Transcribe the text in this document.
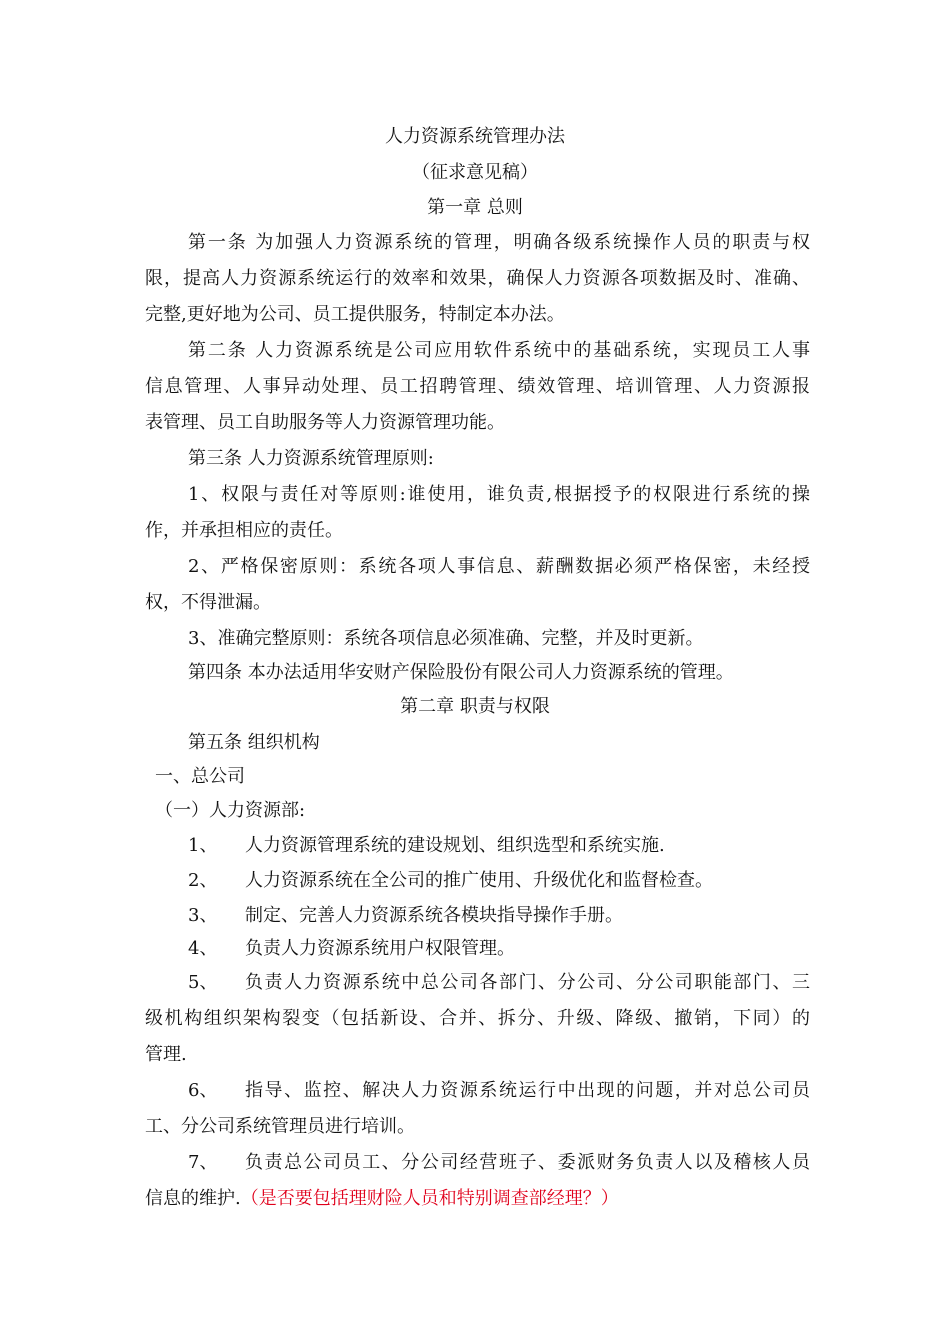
人力资源系统管理办法
（征求意见稿）
第一章 总则
第一条 为加强人力资源系统的管理，明确各级系统操作人员的职责与权
限，提高人力资源系统运行的效率和效果，确保人力资源各项数据及时、准确、
完整,更好地为公司、员工提供服务，特制定本办法。
第二条 人力资源系统是公司应用软件系统中的基础系统，实现员工人事
信息管理、人事异动处理、员工招聘管理、绩效管理、培训管理、人力资源报
表管理、员工自助服务等人力资源管理功能。
第三条 人力资源系统管理原则:
1、权限与责任对等原则:谁使用，谁负责,根据授予的权限进行系统的操
作，并承担相应的责任。
2、严格保密原则：系统各项人事信息、薪酬数据必须严格保密，未经授
权，不得泄漏。
3、准确完整原则：系统各项信息必须准确、完整，并及时更新。
第四条 本办法适用华安财产保险股份有限公司人力资源系统的管理。
第二章 职责与权限
第五条 组织机构
一、总公司
（一）人力资源部:
1、 人力资源管理系统的建设规划、组织选型和系统实施.
2、 人力资源系统在全公司的推广使用、升级优化和监督检查。
3、 制定、完善人力资源系统各模块指导操作手册。
4、 负责人力资源系统用户权限管理。
5、 负责人力资源系统中总公司各部门、分公司、分公司职能部门、三
级机构组织架构裂变（包括新设、合并、拆分、升级、降级、撤销，下同）的
管理.
6、 指导、监控、解决人力资源系统运行中出现的问题，并对总公司员
工、分公司系统管理员进行培训。
7、 负责总公司员工、分公司经营班子、委派财务负责人以及稽核人员
信息的维护.（是否要包括理财险人员和特别调查部经理？）
